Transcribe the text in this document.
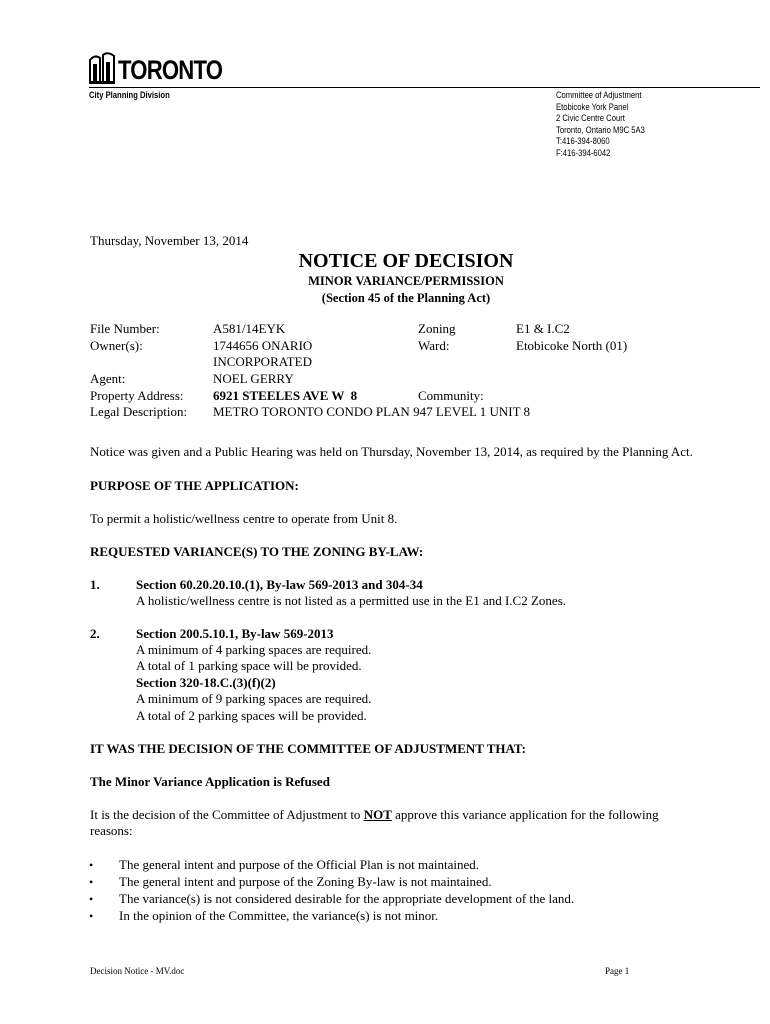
TORONTO
City Planning Division	Committee of Adjustment
Etobicoke York Panel
2 Civic Centre Court
Toronto, Ontario M9C 5A3
T:416-394-8060
F:416-394-6042
Thursday, November 13, 2014
NOTICE OF DECISION
MINOR VARIANCE/PERMISSION
(Section 45 of the Planning Act)
File Number:	A581/14EYK	Zoning	E1 & I.C2
Owner(s):	1744656 ONARIO	Ward:	Etobicoke North (01)
INCORPORATED
Agent:	NOEL GERRY
Property Address: 6921 STEELES AVE W  8	Community:
Legal Description: METRO TORONTO CONDO PLAN 947 LEVEL 1 UNIT 8
Notice was given and a Public Hearing was held on Thursday, November 13, 2014, as required by the Planning Act.
PURPOSE OF THE APPLICATION:
To permit a holistic/wellness centre to operate from Unit 8.
REQUESTED VARIANCE(S) TO THE ZONING BY-LAW:
1.	Section 60.20.20.10.(1), By-law 569-2013 and 304-34
A holistic/wellness centre is not listed as a permitted use in the E1 and I.C2 Zones.
2.	Section 200.5.10.1, By-law 569-2013
A minimum of 4 parking spaces are required.
A total of 1 parking space will be provided.
Section 320-18.C.(3)(f)(2)
A minimum of 9 parking spaces are required.
A total of 2 parking spaces will be provided.
IT WAS THE DECISION OF THE COMMITTEE OF ADJUSTMENT THAT:
The Minor Variance Application is Refused
It is the decision of the Committee of Adjustment to NOT approve this variance application for the following
reasons:
• The general intent and purpose of the Official Plan is not maintained.
• The general intent and purpose of the Zoning By-law is not maintained.
• The variance(s) is not considered desirable for the appropriate development of the land.
• In the opinion of the Committee, the variance(s) is not minor.
Decision Notice - MV.doc	Page 1
